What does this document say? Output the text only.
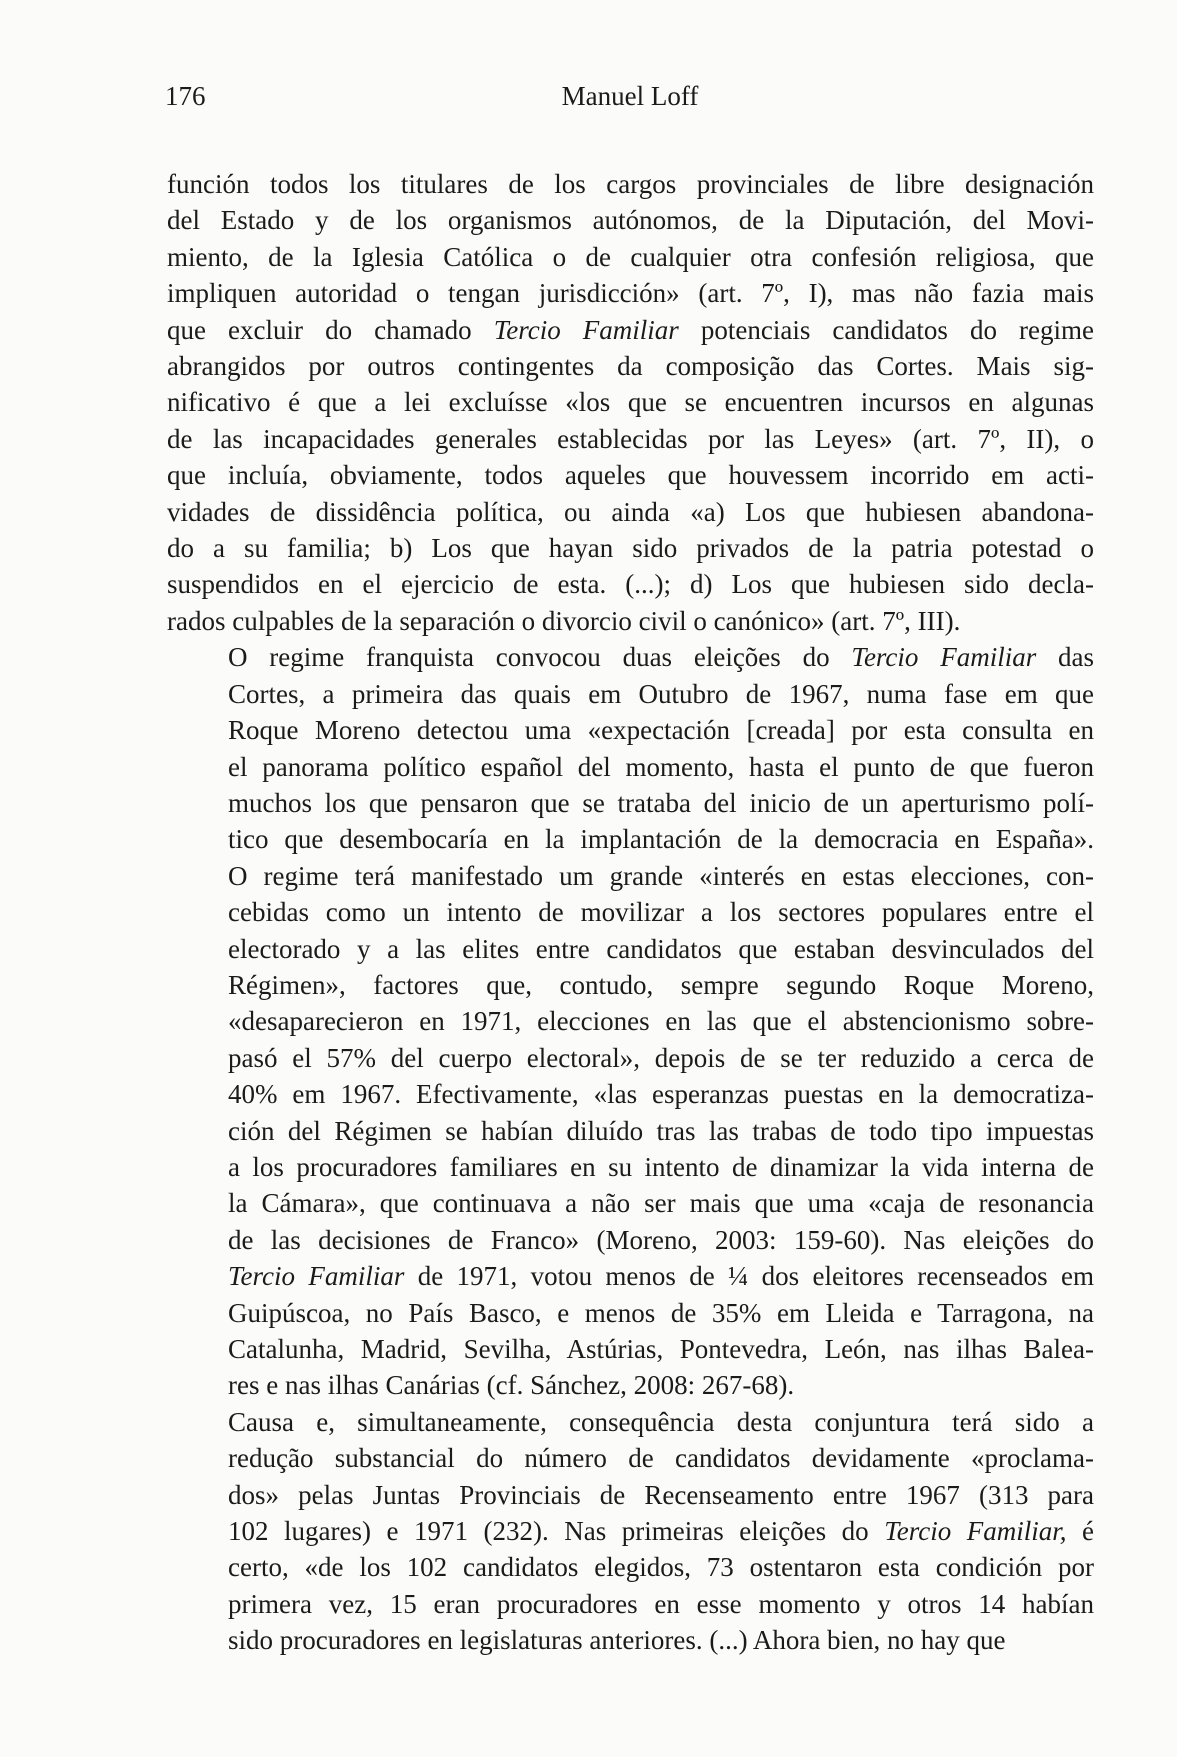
176	Manuel Loff

función todos los titulares de los cargos provinciales de libre designación
del Estado y de los organismos autónomos, de la Diputación, del Movi-
miento, de la Iglesia Católica o de cualquier otra confesión religiosa, que
impliquen autoridad o tengan jurisdicción» (art. 7º, I), mas não fazia mais
que excluir do chamado Tercio Familiar potenciais candidatos do regime
abrangidos por outros contingentes da composição das Cortes. Mais sig-
nificativo é que a lei excluísse «los que se encuentren incursos en algunas
de las incapacidades generales establecidas por las Leyes» (art. 7º, II), o
que incluía, obviamente, todos aqueles que houvessem incorrido em acti-
vidades de dissidência política, ou ainda «a) Los que hubiesen abandona-
do a su familia; b) Los que hayan sido privados de la patria potestad o
suspendidos en el ejercicio de esta. (...); d) Los que hubiesen sido decla-
rados culpables de la separación o divorcio civil o canónico» (art. 7º, III).

O regime franquista convocou duas eleições do Tercio Familiar das
Cortes, a primeira das quais em Outubro de 1967, numa fase em que
Roque Moreno detectou uma «expectación [creada] por esta consulta en
el panorama político español del momento, hasta el punto de que fueron
muchos los que pensaron que se trataba del inicio de un aperturismo polí-
tico que desembocaría en la implantación de la democracia en España».
O regime terá manifestado um grande «interés en estas elecciones, con-
cebidas como un intento de movilizar a los sectores populares entre el
electorado y a las elites entre candidatos que estaban desvinculados del
Régimen», factores que, contudo, sempre segundo Roque Moreno,
«desaparecieron en 1971, elecciones en las que el abstencionismo sobre-
pasó el 57% del cuerpo electoral», depois de se ter reduzido a cerca de
40% em 1967. Efectivamente, «las esperanzas puestas en la democratiza-
ción del Régimen se habían diluído tras las trabas de todo tipo impuestas
a los procuradores familiares en su intento de dinamizar la vida interna de
la Cámara», que continuava a não ser mais que uma «caja de resonancia
de las decisiones de Franco» (Moreno, 2003: 159-60). Nas eleições do
Tercio Familiar de 1971, votou menos de ¼ dos eleitores recenseados em
Guipúscoa, no País Basco, e menos de 35% em Lleida e Tarragona, na
Catalunha, Madrid, Sevilha, Astúrias, Pontevedra, León, nas ilhas Balea-
res e nas ilhas Canárias (cf. Sánchez, 2008: 267-68).

Causa e, simultaneamente, consequência desta conjuntura terá sido a
redução substancial do número de candidatos devidamente «proclama-
dos» pelas Juntas Provinciais de Recenseamento entre 1967 (313 para
102 lugares) e 1971 (232). Nas primeiras eleições do Tercio Familiar, é
certo, «de los 102 candidatos elegidos, 73 ostentaron esta condición por
primera vez, 15 eran procuradores en esse momento y otros 14 habían
sido procuradores en legislaturas anteriores. (...) Ahora bien, no hay que
